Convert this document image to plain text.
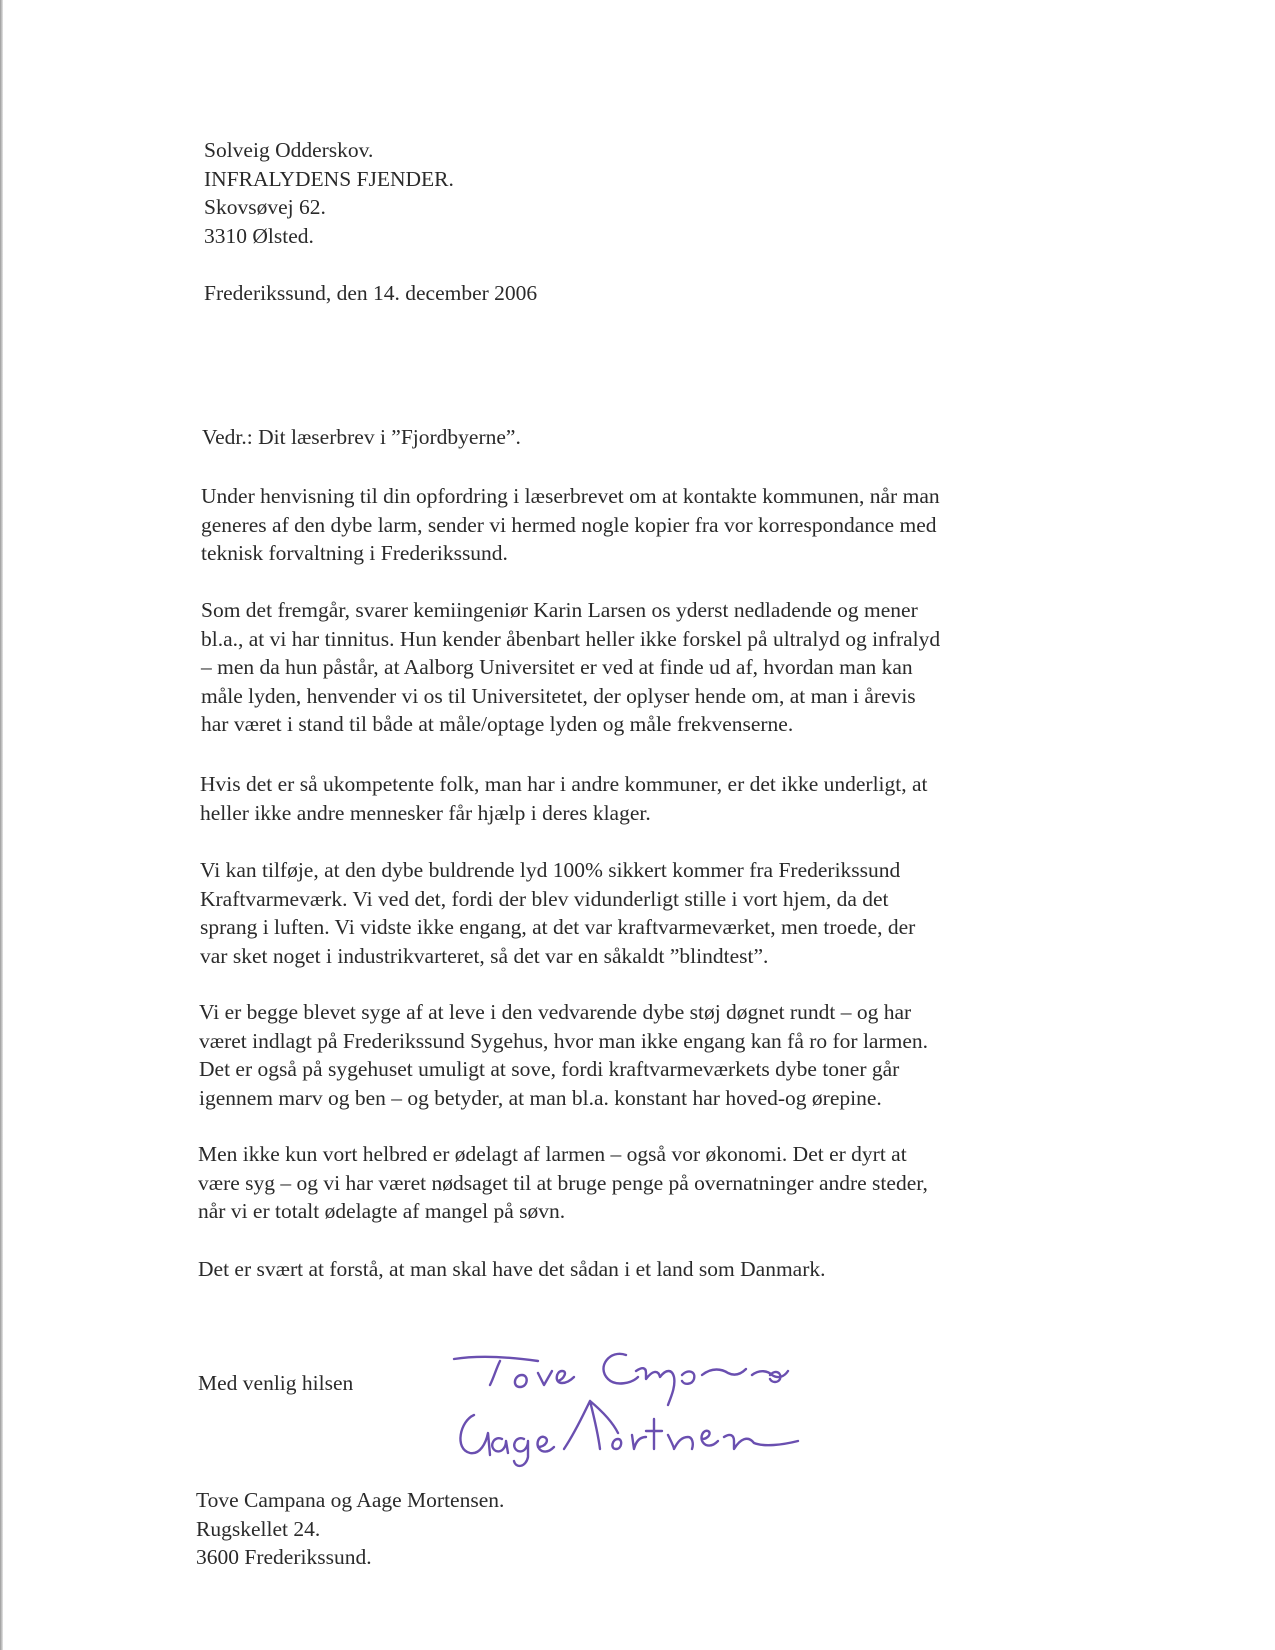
Solveig Odderskov.
INFRALYDENS FJENDER.
Skovsøvej 62.
3310 Ølsted.
Frederikssund, den 14. december 2006
Vedr.: Dit læserbrev i ”Fjordbyerne”.
Under henvisning til din opfordring i læserbrevet om at kontakte kommunen, når man
generes af den dybe larm, sender vi hermed nogle kopier fra vor korrespondance med
teknisk forvaltning i Frederikssund.
Som det fremgår, svarer kemiingeniør Karin Larsen os yderst nedladende og mener
bl.a., at vi har tinnitus. Hun kender åbenbart heller ikke forskel på ultralyd og infralyd
– men da hun påstår, at Aalborg Universitet er ved at finde ud af, hvordan man kan
måle lyden, henvender vi os til Universitetet, der oplyser hende om, at man i årevis
har været i stand til både at måle/optage lyden og måle frekvenserne.
Hvis det er så ukompetente folk, man har i andre kommuner, er det ikke underligt, at
heller ikke andre mennesker får hjælp i deres klager.
Vi kan tilføje, at den dybe buldrende lyd 100% sikkert kommer fra Frederikssund
Kraftvarmeværk. Vi ved det, fordi der blev vidunderligt stille i vort hjem, da det
sprang i luften. Vi vidste ikke engang, at det var kraftvarmeværket, men troede, der
var sket noget i industrikvarteret, så det var en såkaldt ”blindtest”.
Vi er begge blevet syge af at leve i den vedvarende dybe støj døgnet rundt – og har
været indlagt på Frederikssund Sygehus, hvor man ikke engang kan få ro for larmen.
Det er også på sygehuset umuligt at sove, fordi kraftvarmeværkets dybe toner går
igennem marv og ben – og betyder, at man bl.a. konstant har hoved-og ørepine.
Men ikke kun vort helbred er ødelagt af larmen – også vor økonomi. Det er dyrt at
være syg – og vi har været nødsaget til at bruge penge på overnatninger andre steder,
når vi er totalt ødelagte af mangel på søvn.
Det er svært at forstå, at man skal have det sådan i et land som Danmark.
Med venlig hilsen
Tove Campana og Aage Mortensen.
Rugskellet 24.
3600 Frederikssund.
